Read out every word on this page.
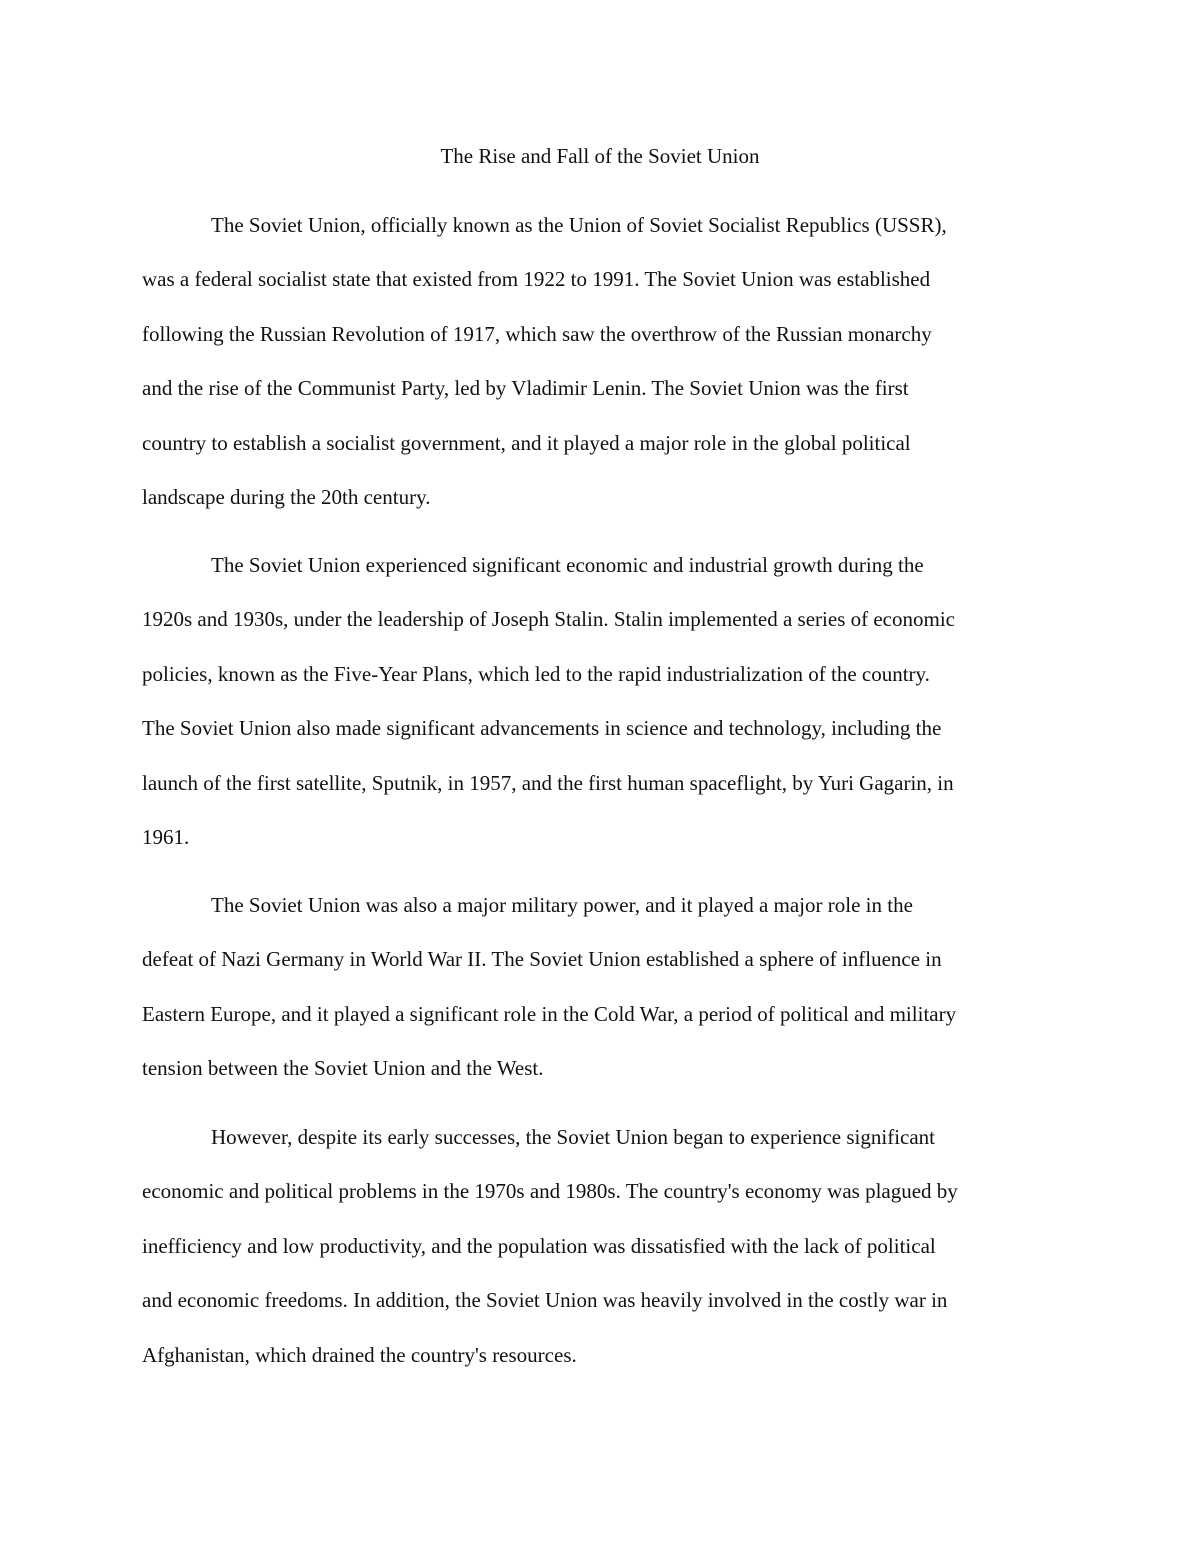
The Rise and Fall of the Soviet Union

The Soviet Union, officially known as the Union of Soviet Socialist Republics (USSR),
was a federal socialist state that existed from 1922 to 1991. The Soviet Union was established
following the Russian Revolution of 1917, which saw the overthrow of the Russian monarchy
and the rise of the Communist Party, led by Vladimir Lenin. The Soviet Union was the first
country to establish a socialist government, and it played a major role in the global political
landscape during the 20th century.

The Soviet Union experienced significant economic and industrial growth during the
1920s and 1930s, under the leadership of Joseph Stalin. Stalin implemented a series of economic
policies, known as the Five-Year Plans, which led to the rapid industrialization of the country.
The Soviet Union also made significant advancements in science and technology, including the
launch of the first satellite, Sputnik, in 1957, and the first human spaceflight, by Yuri Gagarin, in
1961.

The Soviet Union was also a major military power, and it played a major role in the
defeat of Nazi Germany in World War II. The Soviet Union established a sphere of influence in
Eastern Europe, and it played a significant role in the Cold War, a period of political and military
tension between the Soviet Union and the West.

However, despite its early successes, the Soviet Union began to experience significant
economic and political problems in the 1970s and 1980s. The country's economy was plagued by
inefficiency and low productivity, and the population was dissatisfied with the lack of political
and economic freedoms. In addition, the Soviet Union was heavily involved in the costly war in
Afghanistan, which drained the country's resources.
